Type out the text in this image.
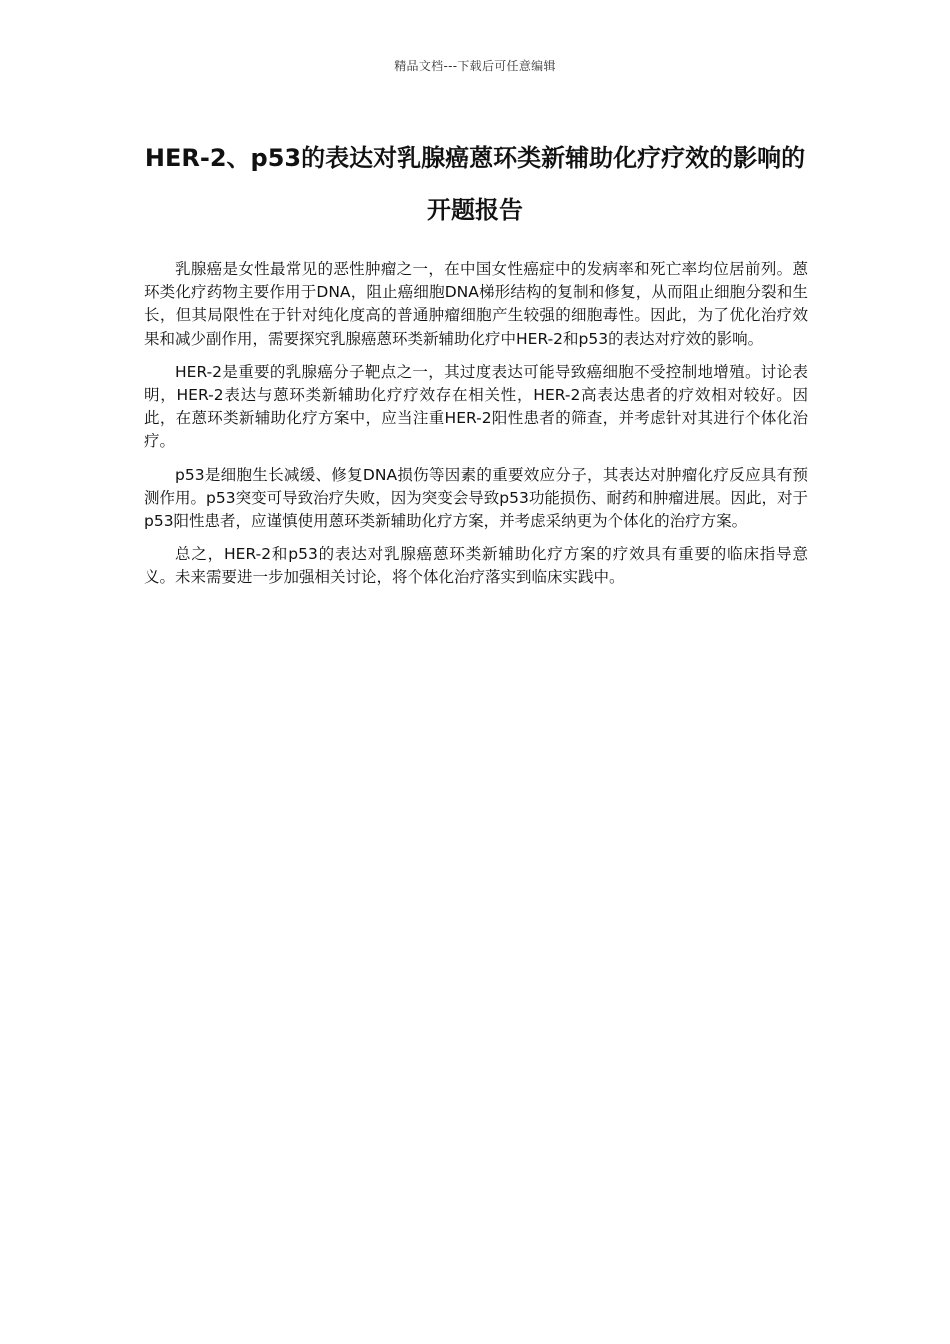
精品文档---下载后可任意编辑
HER-2、p53的表达对乳腺癌蒽环类新辅助化疗疗效的影响的开题报告

乳腺癌是女性最常见的恶性肿瘤之一，在中国女性癌症中的发病率和死亡率均位居前列。蒽环类化疗药物主要作用于DNA，阻止癌细胞DNA梯形结构的复制和修复，从而阻止细胞分裂和生长，但其局限性在于针对纯化度高的普通肿瘤细胞产生较强的细胞毒性。因此，为了优化治疗效果和减少副作用，需要探究乳腺癌蒽环类新辅助化疗中HER-2和p53的表达对疗效的影响。

HER-2是重要的乳腺癌分子靶点之一，其过度表达可能导致癌细胞不受控制地增殖。讨论表明，HER-2表达与蒽环类新辅助化疗疗效存在相关性，HER-2高表达患者的疗效相对较好。因此，在蒽环类新辅助化疗方案中，应当注重HER-2阳性患者的筛查，并考虑针对其进行个体化治疗。

p53是细胞生长减缓、修复DNA损伤等因素的重要效应分子，其表达对肿瘤化疗反应具有预测作用。p53突变可导致治疗失败，因为突变会导致p53功能损伤、耐药和肿瘤进展。因此，对于p53阳性患者，应谨慎使用蒽环类新辅助化疗方案，并考虑采纳更为个体化的治疗方案。

总之，HER-2和p53的表达对乳腺癌蒽环类新辅助化疗方案的疗效具有重要的临床指导意义。未来需要进一步加强相关讨论，将个体化治疗落实到临床实践中。
